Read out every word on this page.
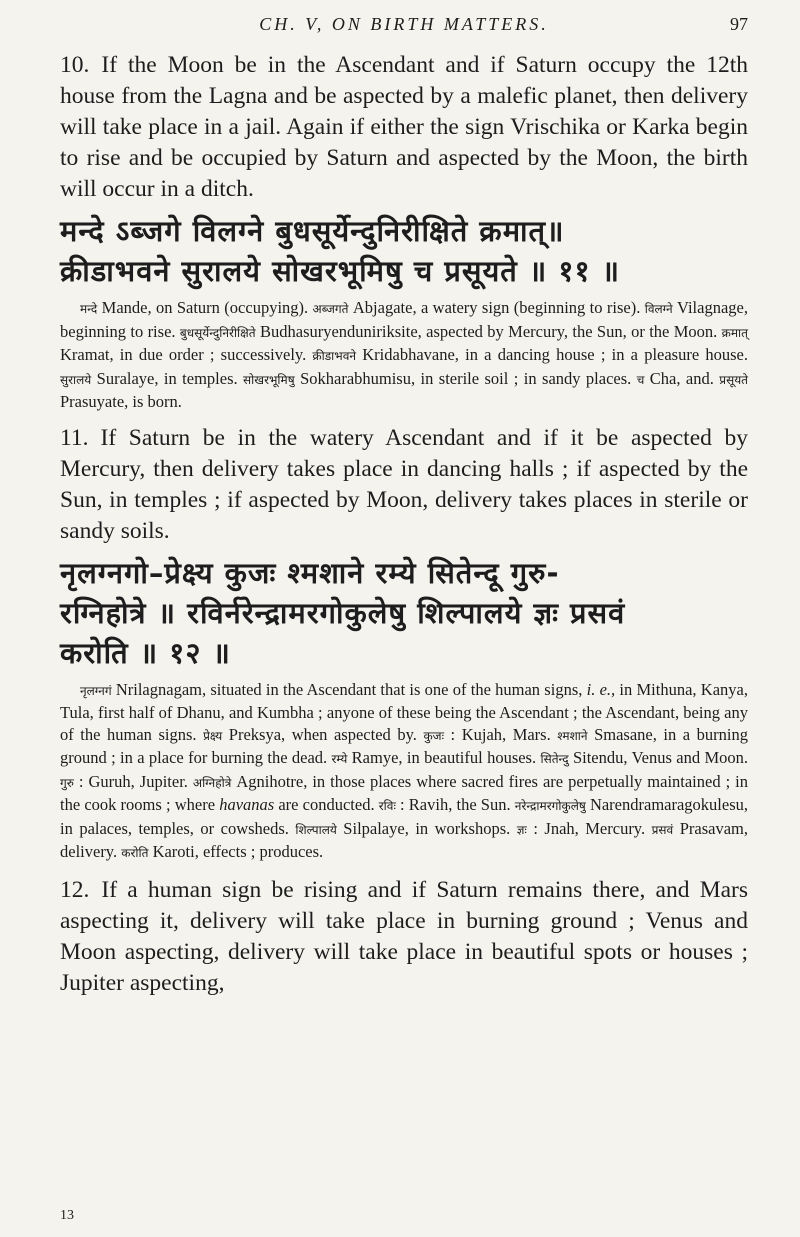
CH. V, ON BIRTH MATTERS.	97

10. If the Moon be in the Ascendant and if Saturn occupy the 12th house from the Lagna and be aspected by a malefic planet, then delivery will take place in a jail. Again if either the sign Vrischika or Karka begin to rise and be occupied by Saturn and aspected by the Moon, the birth will occur in a ditch.

मन्दे ऽब्जगे विलग्ने बुधसूर्येन्दुनिरीक्षिते क्रमात्॥
क्रीडाभवने सुरालये सोखरभूमिषु च प्रसूयते ॥ ११ ॥

मन्दे Mande, on Saturn (occupying). अब्जगते Abjagate, a watery sign (beginning to rise). विलग्ने Vilagnage, beginning to rise. बुधसूर्येन्दुनिरीक्षिते Budhasuryenduniriksite, aspected by Mercury, the Sun, or the Moon. क्रमात् Kramat, in due order ; successively. क्रीडाभवने Kridabhavane, in a dancing house ; in a pleasure house. सुरालये Suralaye, in temples. सोखरभूमिषु Sokharabhumisu, in sterile soil ; in sandy places. च Cha, and. प्रसूयते Prasuyate, is born.

11. If Saturn be in the watery Ascendant and if it be aspected by Mercury, then delivery takes place in dancing halls ; if aspected by the Sun, in temples ; if aspected by Moon, delivery takes places in sterile or sandy soils.

नृलग्नगो–प्रेक्ष्य कुजः श्मशाने रम्ये सितेन्दू गुरु-
रग्निहोत्रे ॥ रविर्नरेन्द्रामरगोकुलेषु शिल्पालये ज्ञः प्रसवं
करोति ॥ १२ ॥

नृलग्नगं Nrilagnagam, situated in the Ascendant that is one of the human signs, i. e., in Mithuna, Kanya, Tula, first half of Dhanu, and Kumbha ; anyone of these being the Ascendant ; the Ascendant, being any of the human signs. प्रेक्ष्य Preksya, when aspected by. कुजः : Kujah, Mars. श्मशाने Smasane, in a burning ground ; in a place for burning the dead. रम्ये Ramye, in beautiful houses. सितेन्दु Sitendu, Venus and Moon. गुरु : Guruh, Jupiter. अग्निहोत्रे Agnihotre, in those places where sacred fires are perpetually maintained ; in the cook rooms ; where havanas are conducted. रविः : Ravih, the Sun. नरेन्द्रामरगोकुलेषु Narendramaragokulesu, in palaces, temples, or cowsheds. शिल्पालये Silpalaye, in workshops. ज्ञः : Jnah, Mercury. प्रसवं Prasavam, delivery. करोति Karoti, effects ; produces.

12. If a human sign be rising and if Saturn remains there, and Mars aspecting it, delivery will take place in burning ground ; Venus and Moon aspecting, delivery will take place in beautiful spots or houses ; Jupiter aspecting,

13
